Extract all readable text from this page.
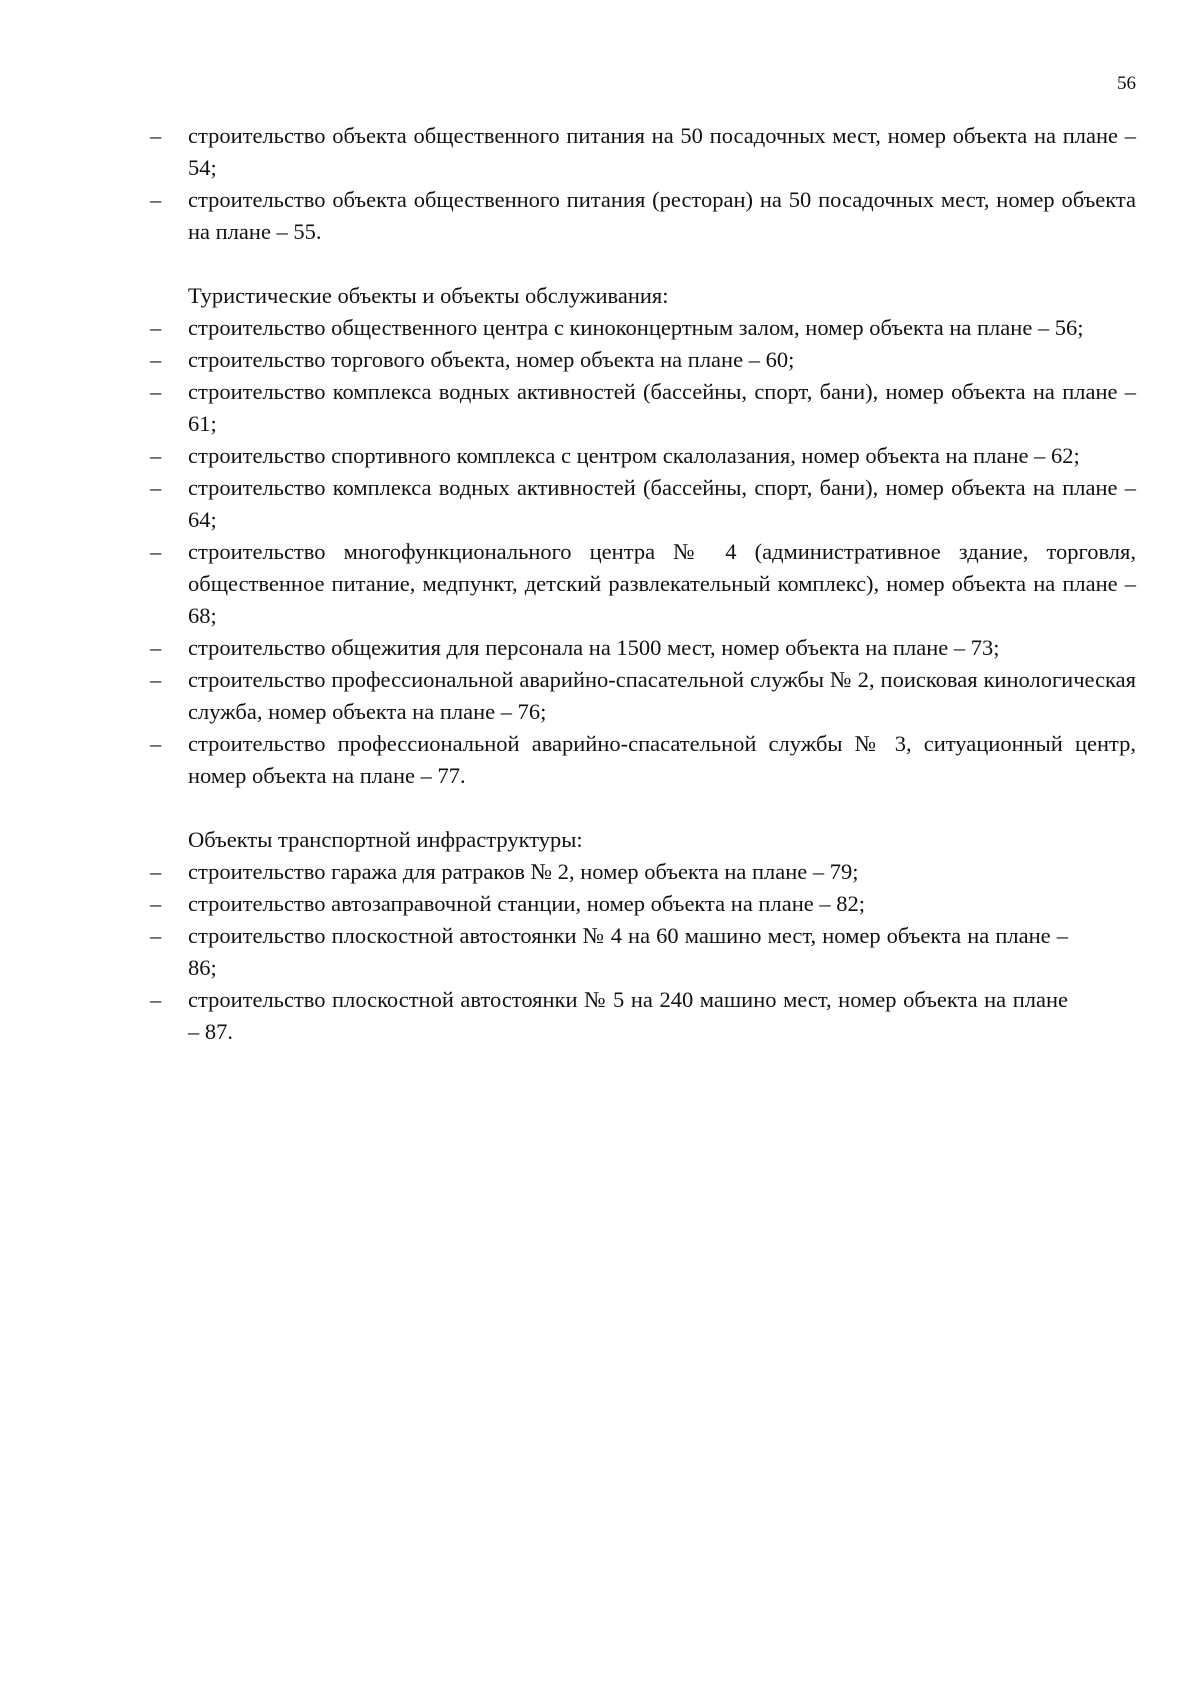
56
– строительство объекта общественного питания на 50 посадочных мест, номер объекта на плане – 54;
– строительство объекта общественного питания (ресторан) на 50 посадочных мест, номер объекта на плане – 55.

Туристические объекты и объекты обслуживания:

– строительство общественного центра с киноконцертным залом, номер объекта на плане – 56;
– строительство торгового объекта, номер объекта на плане – 60;
– строительство комплекса водных активностей (бассейны, спорт, бани), номер объекта на плане – 61;
– строительство спортивного комплекса с центром скалолазания, номер объекта на плане – 62;
– строительство комплекса водных активностей (бассейны, спорт, бани), номер объекта на плане – 64;
– строительство многофункционального центра № 4 (административное здание, торговля, общественное питание, медпункт, детский развлекательный комплекс), номер объекта на плане – 68;
– строительство общежития для персонала на 1500 мест, номер объекта на плане – 73;
– строительство профессиональной аварийно-спасательной службы № 2, поисковая кинологическая служба, номер объекта на плане – 76;
– строительство профессиональной аварийно-спасательной службы № 3, ситуационный центр, номер объекта на плане – 77.

Объекты транспортной инфраструктуры:

– строительство гаража для ратраков № 2, номер объекта на плане – 79;
– строительство автозаправочной станции, номер объекта на плане – 82;
– строительство плоскостной автостоянки № 4 на 60 машино мест, номер объекта на плане – 86;
– строительство плоскостной автостоянки № 5 на 240 машино мест, номер объекта на плане – 87.
